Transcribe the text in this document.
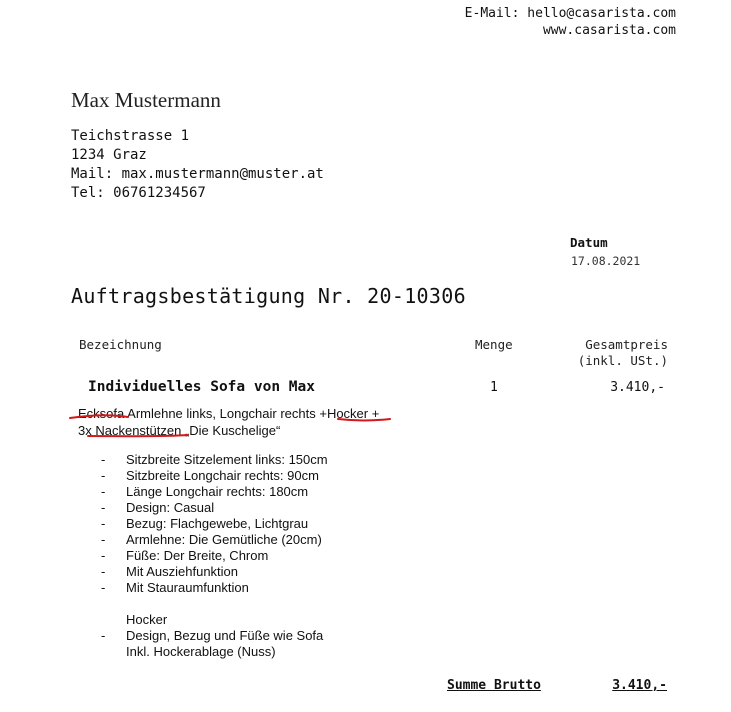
E-Mail: hello@casarista.com
www.casarista.com
Max Mustermann
Teichstrasse 1
1234 Graz
Mail: max.mustermann@muster.at
Tel: 06761234567
Datum
17.08.2021
Auftragsbestätigung Nr. 20-10306
Bezeichnung	Menge	Gesamtpreis
(inkl. USt.)
Individuelles Sofa von Max	1	3.410,-
Ecksofa Armlehne links, Longchair rechts +Hocker +
3x Nackenstützen „Die Kuschelige“
-	Sitzbreite Sitzelement links: 150cm
-	Sitzbreite Longchair rechts: 90cm
-	Länge Longchair rechts: 180cm
-	Design: Casual
-	Bezug: Flachgewebe, Lichtgrau
-	Armlehne: Die Gemütliche (20cm)
-	Füße: Der Breite, Chrom
-	Mit Ausziehfunktion
-	Mit Stauraumfunktion
Hocker
-	Design, Bezug und Füße wie Sofa
Inkl. Hockerablage (Nuss)
Summe Brutto	3.410,-
